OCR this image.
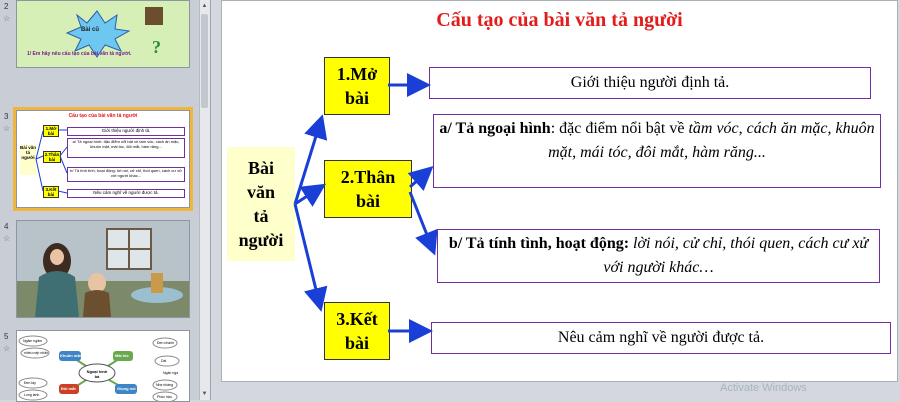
2
☆
?
Bài cũ
1/ Em hãy nêu cấu tạo của bài văn tả người.
3
☆
Cấu tạo của bài văn tả người
Bài văn tả người
1.Mở bài
2.Thân bài
3.Kết bài
Giới thiệu người định tả.
a/ Tả ngoại hình: đặc điểm nổi bật về tầm vóc, cách ăn mặc, khuôn mặt, mái tóc, đôi mắt, hàm răng...
b/ Tả tính tình, hoạt động: lời nói, cử chỉ, thói quen, cách cư xử với người khác...
Nêu cảm nghĩ về người được tả.
4
☆
5
☆
Ngoại hình bà
Khuôn mặt	Mái tóc
Đôi mắt	Giọng nói
Ngăm ngăm
nhiều nếp nhăn
Đen nhánh
Dài
Đen láy
Long lanh
Nhẹ nhàng
Phúc hậu
Ngân nga
▲
▼
Cấu tạo của bài văn tả người
Bài
văn
tả
người
1.Mở
bài
2.Thân
bài
3.Kết
bài
Giới thiệu người định tả.
a/ Tả ngoại hình: đặc điểm nổi bật về tầm vóc, cách ăn mặc, khuôn mặt, mái tóc, đôi mắt, hàm răng...
b/ Tả tính tình, hoạt động: lời nói, cử chỉ, thói quen, cách cư xử với người khác…
Nêu cảm nghĩ về người được tả.
Activate Windows
